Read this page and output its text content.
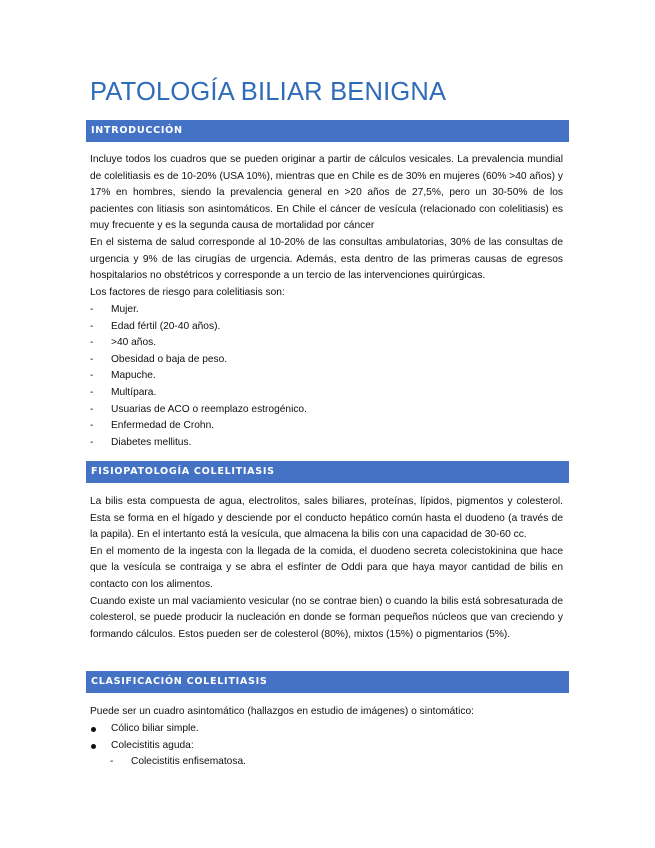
PATOLOGÍA BILIAR BENIGNA
INTRODUCCIÓN

Incluye todos los cuadros que se pueden originar a partir de cálculos vesicales. La prevalencia mundial de colelitiasis es de 10-20% (USA 10%), mientras que en Chile es de 30% en mujeres (60% >40 años) y 17% en hombres, siendo la prevalencia general en >20 años de 27,5%, pero un 30-50% de los pacientes con litiasis son asintomáticos. En Chile el cáncer de vesícula (relacionado con colelitiasis) es muy frecuente y es la segunda causa de mortalidad por cáncer

En el sistema de salud corresponde al 10-20% de las consultas ambulatorias, 30% de las consultas de urgencia y 9% de las cirugías de urgencia. Además, esta dentro de las primeras causas de egresos hospitalarios no obstétricos y corresponde a un tercio de las intervenciones quirúrgicas.

Los factores de riesgo para colelitiasis son:

- Mujer.
- Edad fértil (20-40 años).
- >40 años.
- Obesidad o baja de peso.
- Mapuche.
- Multípara.
- Usuarias de ACO o reemplazo estrogénico.
- Enfermedad de Crohn.
- Diabetes mellitus.
FISIOPATOLOGÍA COLELITIASIS

La bilis esta compuesta de agua, electrolitos, sales biliares, proteínas, lípidos, pigmentos y colesterol. Esta se forma en el hígado y desciende por el conducto hepático común hasta el duodeno (a través de la papila). En el intertanto está la vesícula, que almacena la bilis con una capacidad de 30-60 cc.

En el momento de la ingesta con la llegada de la comida, el duodeno secreta colecistokinina que hace que la vesícula se contraiga y se abra el esfínter de Oddi para que haya mayor cantidad de bilis en contacto con los alimentos.

Cuando existe un mal vaciamiento vesicular (no se contrae bien) o cuando la bilis está sobresaturada de colesterol, se puede producir la nucleación en donde se forman pequeños núcleos que van creciendo y formando cálculos. Estos pueden ser de colesterol (80%), mixtos (15%) o pigmentarios (5%).

CLASIFICACIÓN COLELITIASIS
Puede ser un cuadro asintomático (hallazgos en estudio de imágenes) o sintomático:
Cólico biliar simple.
Colecistitis aguda:
- Colecistitis enfisematosa.
